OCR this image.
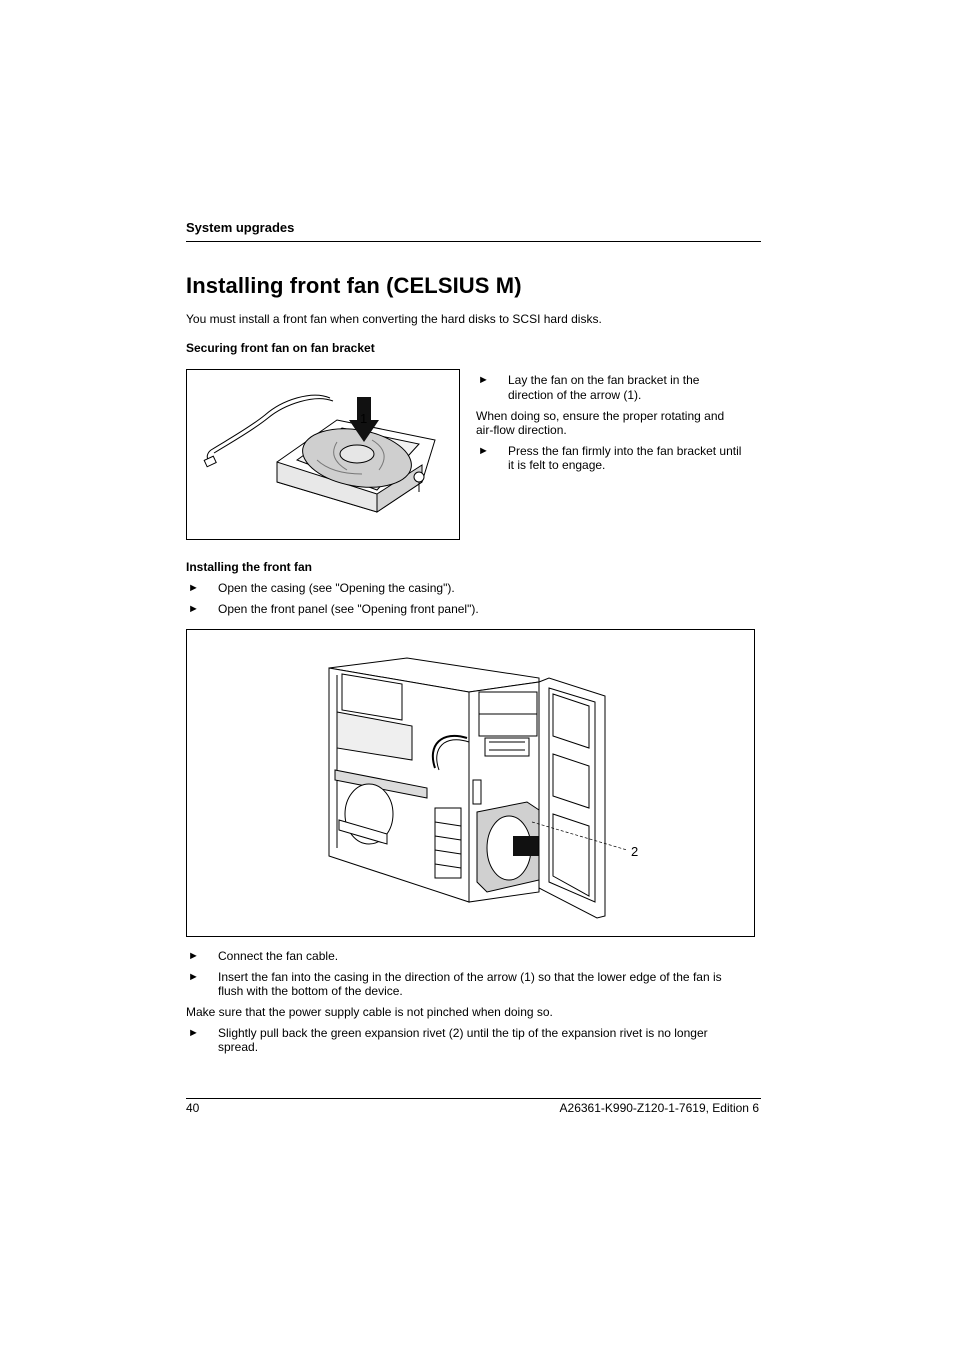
System upgrades
Installing front fan (CELSIUS M)
You must install a front fan when converting the hard disks to SCSI hard disks.
Securing front fan on fan bracket
1
► Lay the fan on the fan bracket in the
direction of the arrow (1).
When doing so, ensure the proper rotating and
air-flow direction.
► Press the fan firmly into the fan bracket until
it is felt to engage.
Installing the front fan
► Open the casing (see "Opening the casing").
► Open the front panel (see "Opening front panel").
1	2
► Connect the fan cable.
► Insert the fan into the casing in the direction of the arrow (1) so that the lower edge of the fan is
flush with the bottom of the device.
Make sure that the power supply cable is not pinched when doing so.
► Slightly pull back the green expansion rivet (2) until the tip of the expansion rivet is no longer
spread.
40	A26361-K990-Z120-1-7619, Edition 6
